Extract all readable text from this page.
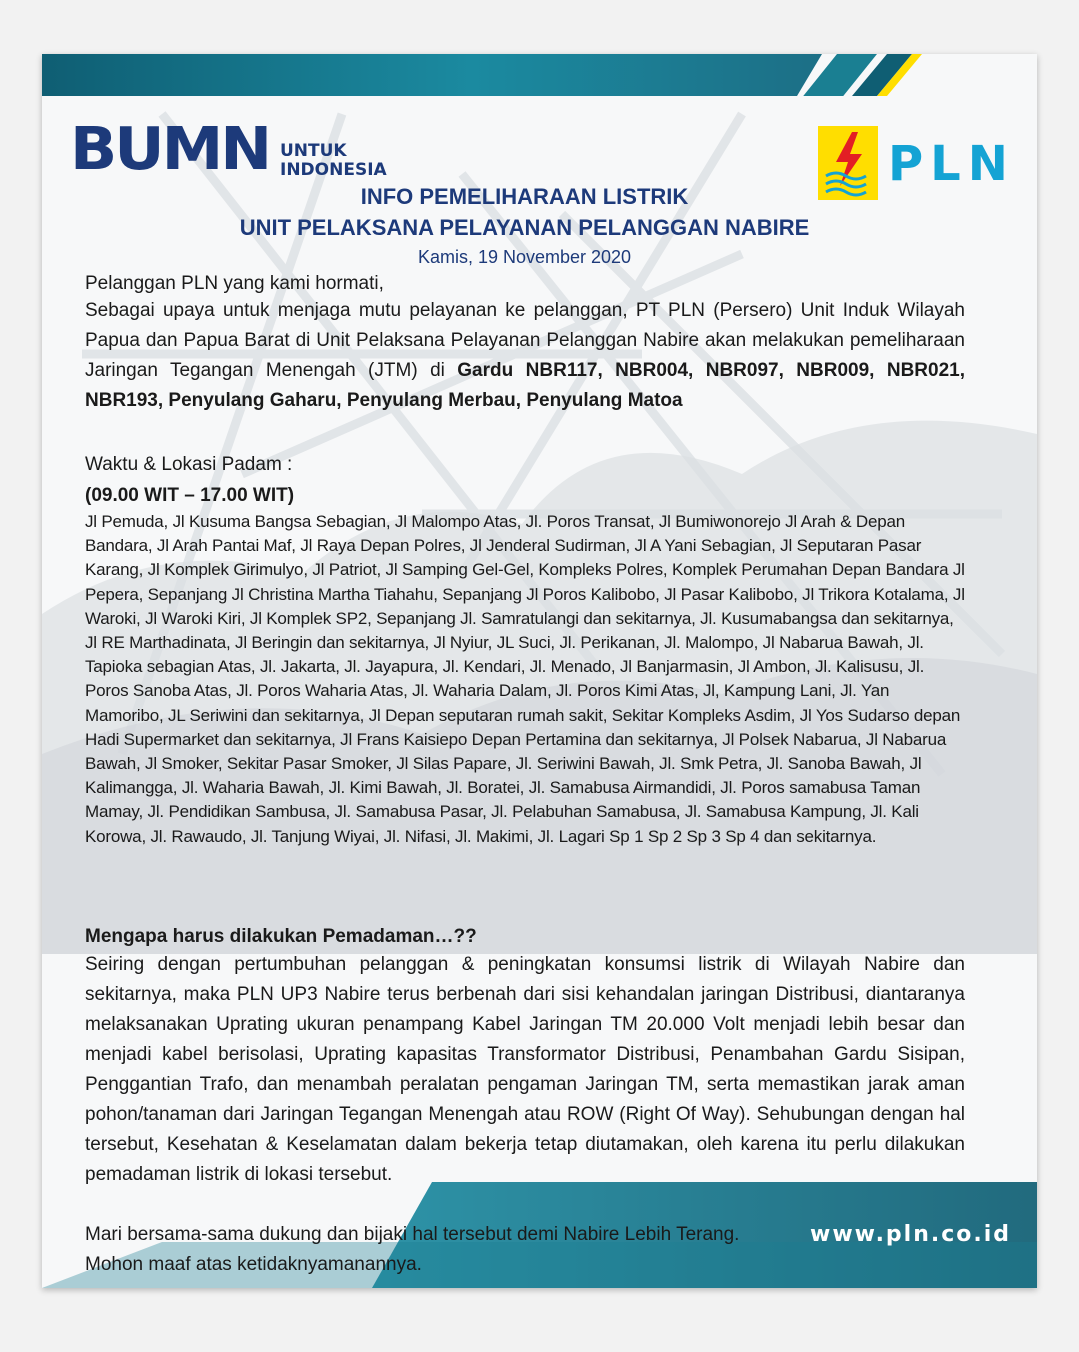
BUMN UNTUK
INDONESIA	PLN
INFO PEMELIHARAAN LISTRIK
UNIT PELAKSANA PELAYANAN PELANGGAN NABIRE
Kamis, 19 November 2020

Pelanggan PLN yang kami hormati,

Sebagai upaya untuk menjaga mutu pelayanan ke pelanggan, PT PLN (Persero) Unit Induk Wilayah Papua dan Papua Barat di Unit Pelaksana Pelayanan Pelanggan Nabire akan melakukan pemeliharaan Jaringan Tegangan Menengah (JTM) di Gardu NBR117, NBR004, NBR097, NBR009, NBR021, NBR193, Penyulang Gaharu, Penyulang Merbau, Penyulang Matoa

Waktu & Lokasi Padam :

(09.00 WIT – 17.00 WIT)

Jl Pemuda, Jl Kusuma Bangsa Sebagian, Jl Malompo Atas, Jl. Poros Transat, Jl Bumiwonorejo Jl Arah & Depan Bandara, Jl Arah Pantai Maf, Jl Raya Depan Polres, Jl Jenderal Sudirman, Jl A Yani Sebagian, Jl Seputaran Pasar Karang, Jl Komplek Girimulyo, Jl Patriot, Jl Samping Gel-Gel, Kompleks Polres, Komplek Perumahan Depan Bandara Jl Pepera, Sepanjang Jl Christina Martha Tiahahu, Sepanjang Jl Poros Kalibobo, Jl Pasar Kalibobo, Jl Trikora Kotalama, Jl Waroki, Jl Waroki Kiri, Jl Komplek SP2, Sepanjang Jl. Samratulangi dan sekitarnya, Jl. Kusumabangsa dan sekitarnya, Jl RE Marthadinata, Jl Beringin dan sekitarnya, Jl Nyiur, JL Suci, Jl. Perikanan, Jl. Malompo, Jl Nabarua Bawah, Jl. Tapioka sebagian Atas, Jl. Jakarta, Jl. Jayapura, Jl. Kendari, Jl. Menado, Jl Banjarmasin, Jl Ambon, Jl. Kalisusu, Jl. Poros Sanoba Atas, Jl. Poros Waharia Atas, Jl. Waharia Dalam, Jl. Poros Kimi Atas, Jl, Kampung Lani, Jl. Yan Mamoribo, JL Seriwini dan sekitarnya, Jl Depan seputaran rumah sakit, Sekitar Kompleks Asdim, Jl Yos Sudarso depan Hadi Supermarket dan sekitarnya, Jl Frans Kaisiepo Depan Pertamina dan sekitarnya, Jl Polsek Nabarua, Jl Nabarua Bawah, Jl Smoker, Sekitar Pasar Smoker, Jl Silas Papare, Jl. Seriwini Bawah, Jl. Smk Petra, Jl. Sanoba Bawah, Jl Kalimangga, Jl. Waharia Bawah, Jl. Kimi Bawah, Jl. Boratei, Jl. Samabusa Airmandidi, Jl. Poros samabusa Taman Mamay, Jl. Pendidikan Sambusa, Jl. Samabusa Pasar, Jl. Pelabuhan Samabusa, Jl. Samabusa Kampung, Jl. Kali Korowa, Jl. Rawaudo, Jl. Tanjung Wiyai, Jl. Nifasi, Jl. Makimi, Jl. Lagari Sp 1 Sp 2 Sp 3 Sp 4 dan sekitarnya.

Mengapa harus dilakukan Pemadaman…??

Seiring dengan pertumbuhan pelanggan & peningkatan konsumsi listrik di Wilayah Nabire dan sekitarnya, maka PLN UP3 Nabire terus berbenah dari sisi kehandalan jaringan Distribusi, diantaranya melaksanakan Uprating ukuran penampang Kabel Jaringan TM 20.000 Volt menjadi lebih besar dan menjadi kabel berisolasi, Uprating kapasitas Transformator Distribusi, Penambahan Gardu Sisipan, Penggantian Trafo, dan menambah peralatan pengaman Jaringan TM, serta memastikan jarak aman pohon/tanaman dari Jaringan Tegangan Menengah atau ROW (Right Of Way). Sehubungan dengan hal tersebut, Kesehatan & Keselamatan dalam bekerja tetap diutamakan, oleh karena itu perlu dilakukan pemadaman listrik di lokasi tersebut.

Mari bersama-sama dukung dan bijaki hal tersebut demi Nabire Lebih Terang.

Mohon maaf atas ketidaknyamanannya.

www.pln.co.id
